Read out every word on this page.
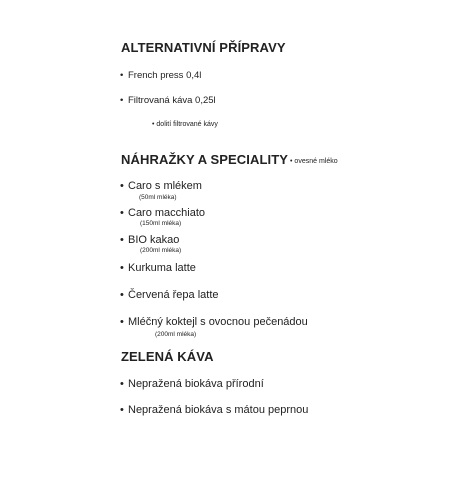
ALTERNATIVNÍ PŘÍPRAVY
• French press 0,4l
• Filtrovaná káva 0,25l
• dolití filtrované kávy
NÁHRAŽKY A SPECIALITY • ovesné mléko
• Caro s mlékem
(50ml mléka)
• Caro macchiato
(150ml mléka)
• BIO kakao
(200ml mléka)
• Kurkuma latte
• Červená řepa latte
• Mléčný koktejl s ovocnou pečenádou
(200ml mléka)
ZELENÁ KÁVA
• Nepražená biokáva přírodní
• Nepražená biokáva s mátou peprnou
